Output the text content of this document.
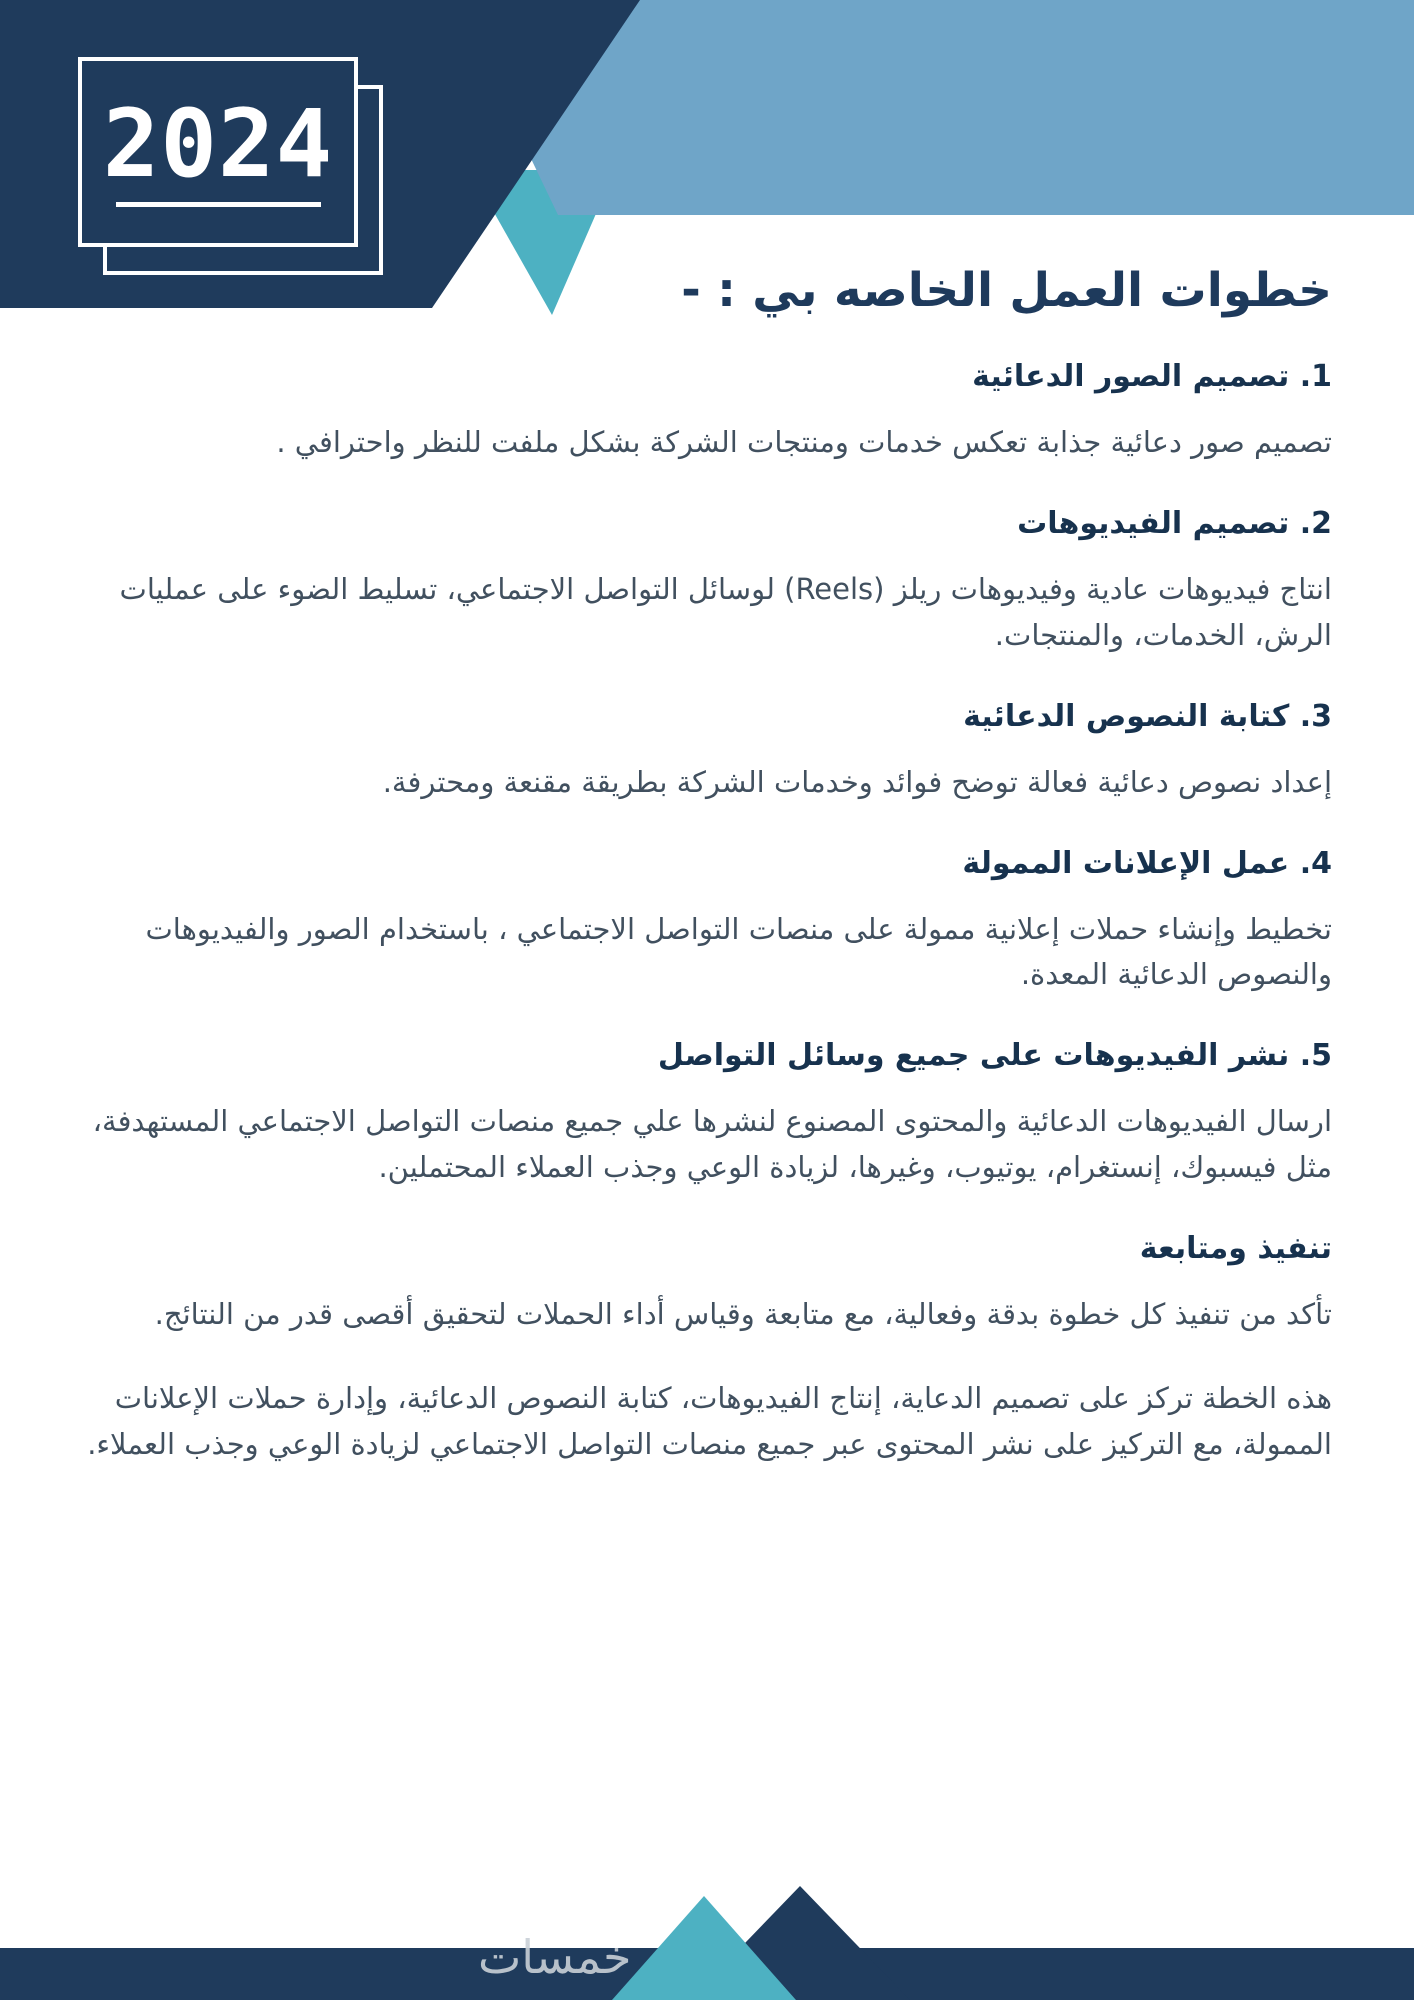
2024
خطوات العمل الخاصه بي : -
1. تصميم الصور الدعائية

تصميم صور دعائية جذابة تعكس خدمات ومنتجات الشركة بشكل ملفت للنظر واحترافي .

2. تصميم الفيديوهات

انتاج فيديوهات عادية وفيديوهات ريلز (Reels) لوسائل التواصل الاجتماعي، تسليط الضوء على عمليات الرش، الخدمات، والمنتجات.

3. كتابة النصوص الدعائية

إعداد نصوص دعائية فعالة توضح فوائد وخدمات الشركة بطريقة مقنعة ومحترفة.

4. عمل الإعلانات الممولة

تخطيط وإنشاء حملات إعلانية ممولة على منصات التواصل الاجتماعي ، باستخدام الصور والفيديوهات والنصوص الدعائية المعدة.

5. نشر الفيديوهات على جميع وسائل التواصل

ارسال الفيديوهات الدعائية والمحتوى المصنوع لنشرها علي جميع منصات التواصل الاجتماعي المستهدفة، مثل فيسبوك، إنستغرام، يوتيوب، وغيرها، لزيادة الوعي وجذب العملاء المحتملين.

تنفيذ ومتابعة

تأكد من تنفيذ كل خطوة بدقة وفعالية، مع متابعة وقياس أداء الحملات لتحقيق أقصى قدر من النتائج.

هذه الخطة تركز على تصميم الدعاية، إنتاج الفيديوهات، كتابة النصوص الدعائية، وإدارة حملات الإعلانات الممولة، مع التركيز على نشر المحتوى عبر جميع منصات التواصل الاجتماعي لزيادة الوعي وجذب العملاء.

خمسات
